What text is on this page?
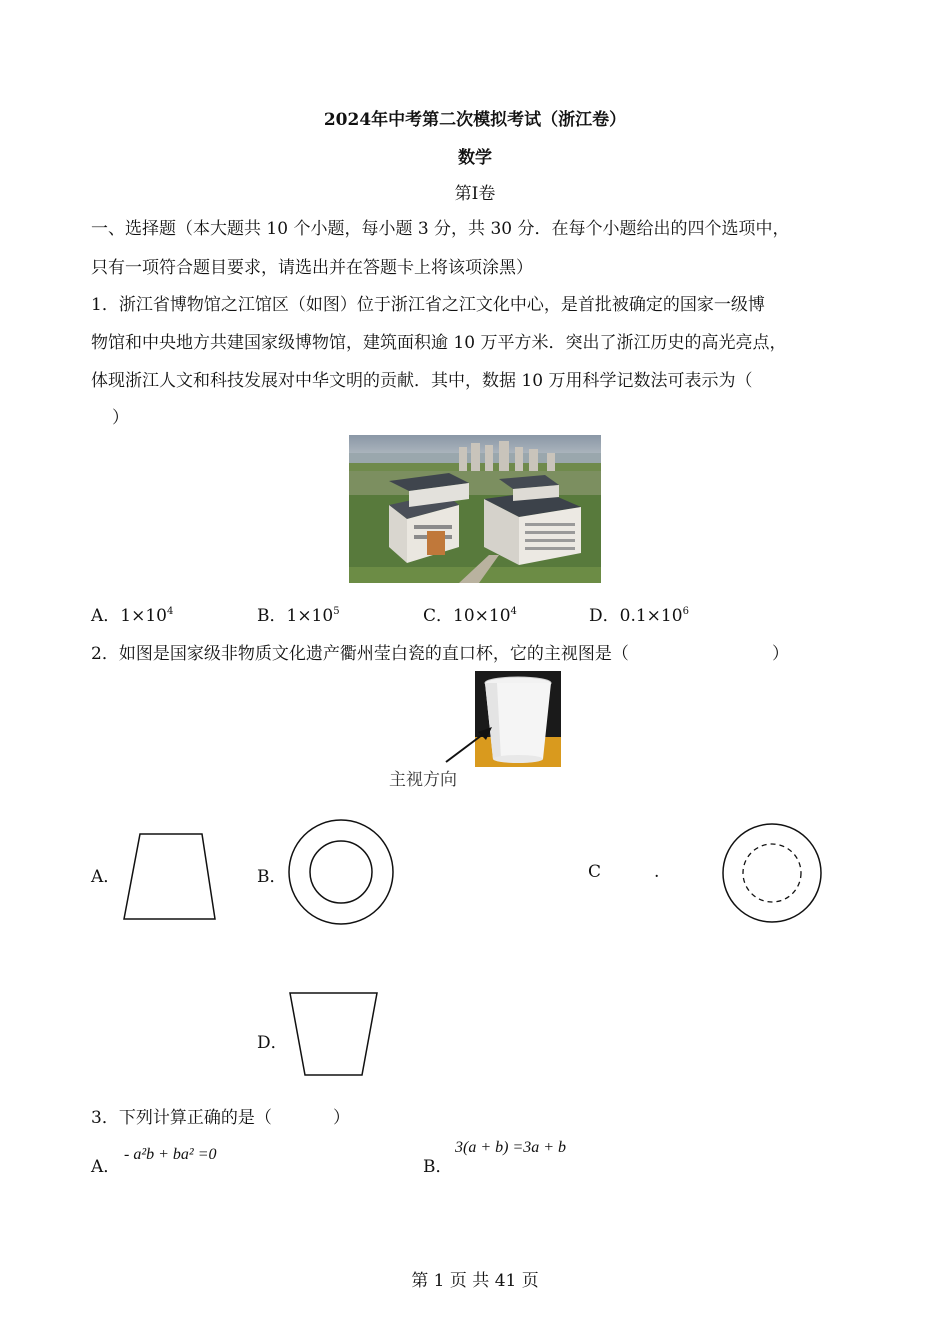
2024年中考第二次模拟考试（浙江卷）
数学
第Ⅰ卷
一、选择题（本大题共 10 个小题，每小题 3 分，共 30 分．在每个小题给出的四个选项中，
只有一项符合题目要求，请选出并在答题卡上将该项涂黑）
1．浙江省博物馆之江馆区（如图）位于浙江省之江文化中心，是首批被确定的国家一级博
物馆和中央地方共建国家级博物馆，建筑面积逾 10 万平方米．突出了浙江历史的高光亮点，
体现浙江人文和科技发展对中华文明的贡献．其中，数据 10 万用科学记数法可表示为（
）
A．$1\times 10^4$	B．$1\times 10^5$	C．$10\times 10^4$	D．$0.1\times 10^6$
2．如图是国家级非物质文化遗产衢州莹白瓷的直口杯，它的主视图是（	）
主视方向
A．	B．	C	.
D．
3．下列计算正确的是（	）
A．
- a²b + ba² =0
B．
3(a + b) =3a + b
第 1 页 共 41 页
